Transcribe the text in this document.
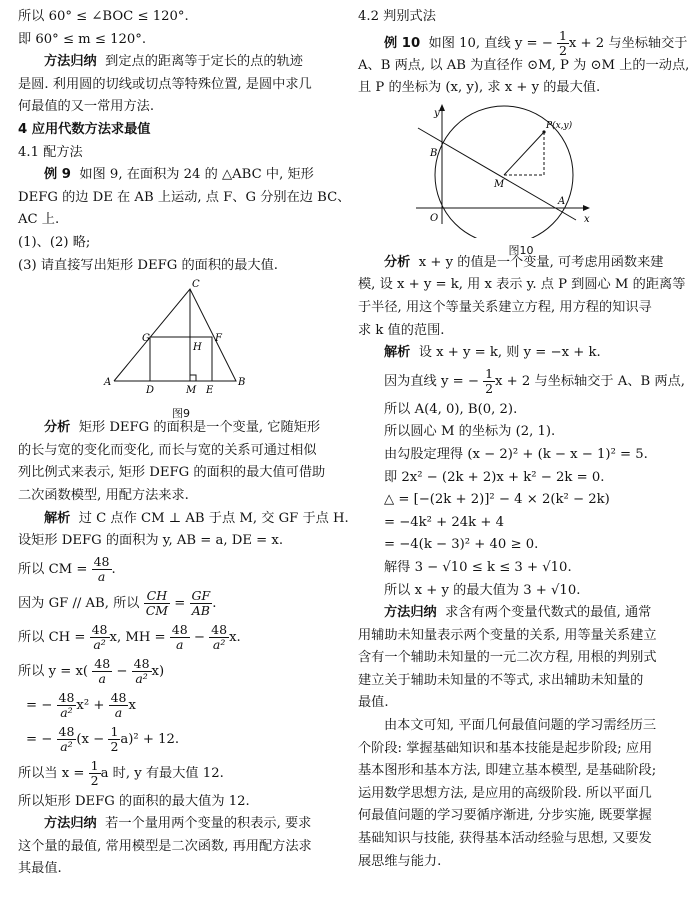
所以 60° ≤ ∠BOC ≤ 120°.
即 60° ≤ m ≤ 120°.
方法归纳 到定点的距离等于定长的点的轨迹
是圆. 利用圆的切线或切点等特殊位置, 是圆中求几
何最值的又一常用方法.
4 应用代数方法求最值
4.1 配方法
例 9 如图 9, 在面积为 24 的 △ABC 中, 矩形
DEFG 的边 DE 在 AB 上运动, 点 F、G 分别在边 BC、
AC 上.
(1)、(2) 略;
(3) 请直接写出矩形 DEFG 的面积的最大值.
C
A	B
G	F
H
D	M E
图9
分析 矩形 DEFG 的面积是一个变量, 它随矩形
的长与宽的变化而变化, 而长与宽的关系可通过相似
列比例式来表示, 矩形 DEFG 的面积的最大值可借助
二次函数模型, 用配方法来求.
解析 过 C 点作 CM ⊥ AB 于点 M, 交 GF 于点 H.
设矩形 DEFG 的面积为 y, AB = a, DE = x.
所以 CM = $\frac{48}{a}$ .
因为 GF // AB, 所以 $\frac{CH}{CM} = \frac{GF}{AB}$ .
所以 CH = $\frac{48}{\text{a²}} x$, MH = $\frac{48}{a} - \frac{48}{\text{a²}} x$.
所以 $y = x( \frac{48}{a} - \frac{48}{\text{a²}} x)$
= − $\frac{48}{\text{a²}} x^2 + \frac{48}{a}$ x
= − $\frac{48}{\text{a²}} (x - \frac{1}{2} a)^2 + 12$.
所以当 $x = \frac{1}{2}$ a 时, y 有最大值 12.
所以矩形 DEFG 的面积的最大值为 12.
方法归纳 若一个量用两个变量的积表示, 要求
这个量的最值, 常用模型是二次函数, 再用配方法求
其最值.
4.2 判别式法
例 10 如图 10, 直线 y = − $\frac{1}{2}$ x + 2 与坐标轴交于
A、B 两点, 以 AB 为直径作 ⊙M, P 为 ⊙M 上的一动点,
且 P 的坐标为 (x, y), 求 x + y 的最大值.
y
x
B
A
O
M
P(x,y)
图10
分析 x + y 的值是一个变量, 可考虑用函数来建
模, 设 x + y = k, 用 x 表示 y. 点 P 到圆心 M 的距离等
于半径, 用这个等量关系建立方程, 用方程的知识寻
求 k 值的范围.
解析 设 x + y = k, 则 y = −x + k.
因为直线 y = − $\frac{1}{2}$ x + 2 与坐标轴交于 A、B 两点,
所以 A(4, 0), B(0, 2).
所以圆心 M 的坐标为 (2, 1).
由勾股定理得 (x − 2)² + (k − x − 1)² = 5.
即 2x² − (2k + 2)x + k² − 2k = 0.
△ = [−(2k + 2)]² − 4 × 2(k² − 2k)
= −4k² + 24k + 4
= −4(k − 3)² + 40 ≥ 0.
解得 3 − √10 ≤ k ≤ 3 + √10.
所以 x + y 的最大值为 3 + √10.
方法归纳 求含有两个变量代数式的最值, 通常
用辅助未知量表示两个变量的关系, 用等量关系建立
含有一个辅助未知量的一元二次方程, 用根的判别式
建立关于辅助未知量的不等式, 求出辅助未知量的
最值.
由本文可知, 平面几何最值问题的学习需经历三
个阶段: 掌握基础知识和基本技能是起步阶段; 应用
基本图形和基本方法, 即建立基本模型, 是基础阶段;
运用数学思想方法, 是应用的高级阶段. 所以平面几
何最值问题的学习要循序渐进, 分步实施, 既要掌握
基础知识与技能, 获得基本活动经验与思想, 又要发
展思维与能力.
